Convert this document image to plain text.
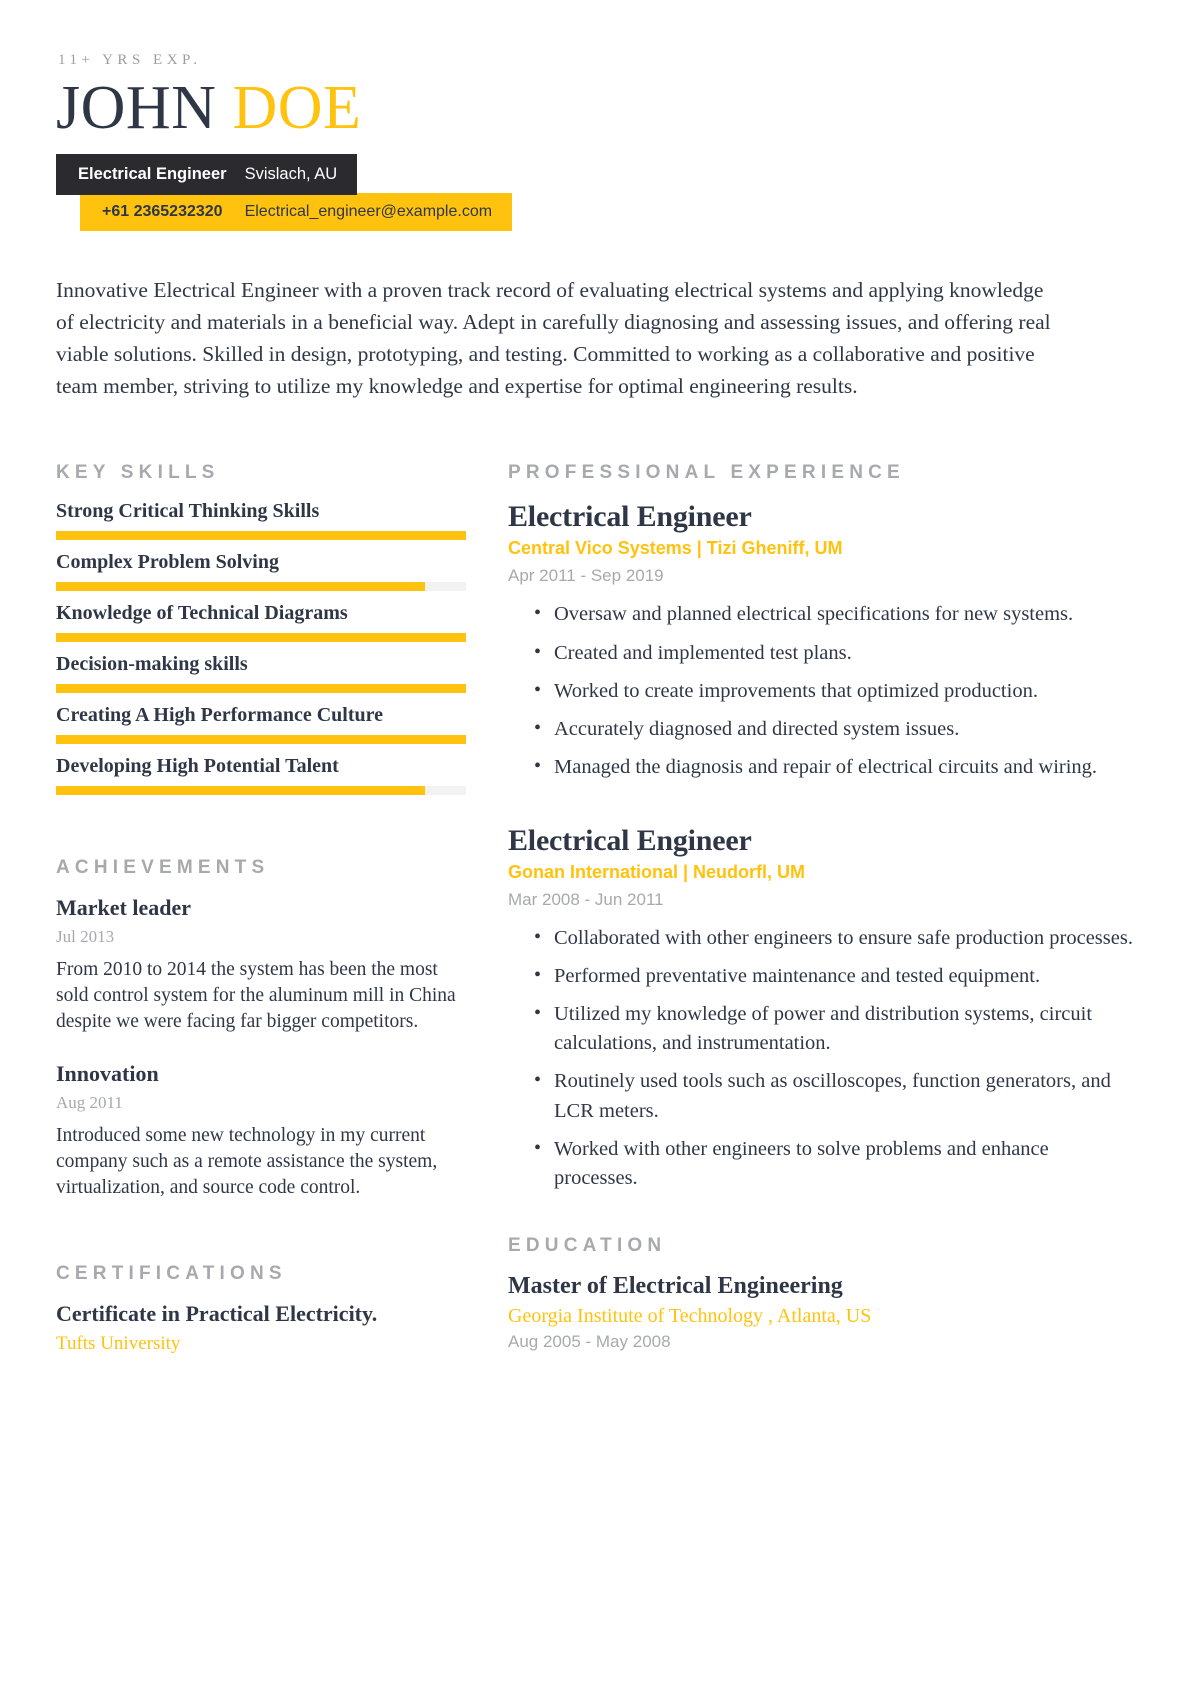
11+ YRS EXP.
JOHN DOE
Electrical Engineer Svislach, AU
+61 2365232320 Electrical_engineer@example.com

Innovative Electrical Engineer with a proven track record of evaluating electrical systems and applying knowledge of electricity and materials in a beneficial way. Adept in carefully diagnosing and assessing issues, and offering real viable solutions. Skilled in design, prototyping, and testing. Committed to working as a collaborative and positive team member, striving to utilize my knowledge and expertise for optimal engineering results.

KEY SKILLS
Strong Critical Thinking Skills
Complex Problem Solving
Knowledge of Technical Diagrams
Decision-making skills
Creating A High Performance Culture
Developing High Potential Talent
ACHIEVEMENTS
Market leader
Jul 2013
From 2010 to 2014 the system has been the most sold control system for the aluminum mill in China despite we were facing far bigger competitors.
Innovation
Aug 2011
Introduced some new technology in my current company such as a remote assistance the system, virtualization, and source code control.
CERTIFICATIONS
Certificate in Practical Electricity.
Tufts University
PROFESSIONAL EXPERIENCE
Electrical Engineer
Central Vico Systems | Tizi Gheniff, UM
Apr 2011 - Sep 2019
• Oversaw and planned electrical specifications for new systems.
• Created and implemented test plans.
• Worked to create improvements that optimized production.
• Accurately diagnosed and directed system issues.
• Managed the diagnosis and repair of electrical circuits and wiring.
Electrical Engineer
Gonan International | Neudorfl, UM
Mar 2008 - Jun 2011
• Collaborated with other engineers to ensure safe production processes.
• Performed preventative maintenance and tested equipment.
• Utilized my knowledge of power and distribution systems, circuit calculations, and instrumentation.
• Routinely used tools such as oscilloscopes, function generators, and LCR meters.
• Worked with other engineers to solve problems and enhance processes.
EDUCATION
Master of Electrical Engineering
Georgia Institute of Technology , Atlanta, US
Aug 2005 - May 2008
